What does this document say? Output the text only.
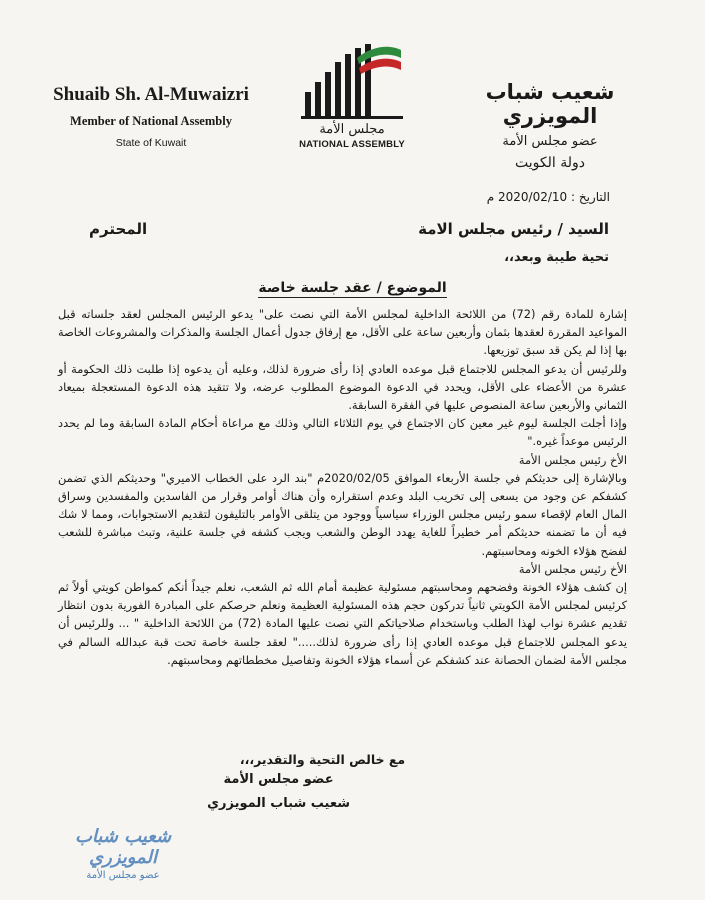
Shuaib Sh. Al-Muwaizri
Member of National Assembly
State of Kuwait
مجلس الأمة
NATIONAL ASSEMBLY
شعيب شباب المويزري
عضو مجلس الأمة
دولة الكويت
التاريخ : 2020/02/10 م
السيد / رئيس مجلس الامة
المحترم
تحية طيبة وبعد،،
الموضوع / عقد جلسة خاصة

إشارة للمادة رقم (72) من اللائحة الداخلية لمجلس الأمة التي نصت على" يدعو الرئيس المجلس لعقد جلساته قبل المواعيد المقررة لعقدها بثمان وأربعين ساعة على الأقل، مع إرفاق جدول أعمال الجلسة والمذكرات والمشروعات الخاصة بها إذا لم يكن قد سبق توزيعها.

وللرئيس أن يدعو المجلس للاجتماع قبل موعده العادي إذا رأى ضرورة لذلك، وعليه أن يدعوه إذا طلبت ذلك الحكومة أو عشرة من الأعضاء على الأقل، ويحدد في الدعوة الموضوع المطلوب عرضه، ولا تتقيد هذه الدعوة المستعجلة بميعاد الثماني والأربعين ساعة المنصوص عليها في الفقرة السابقة.

وإذا أجلت الجلسة ليوم غير معين كان الاجتماع في يوم الثلاثاء التالي وذلك مع مراعاة أحكام المادة السابقة وما لم يحدد الرئيس موعداً غيره."

الأخ رئيس مجلس الأمة

وبالإشارة إلى حديثكم في جلسة الأربعاء الموافق 2020/02/05م "بند الرد على الخطاب الاميري" وحديثكم الذي تضمن كشفكم عن وجود من يسعى إلى تخريب البلد وعدم استقراره وأن هناك أوامر وقرار من الفاسدين والمفسدين وسراق المال العام لإقصاء سمو رئيس مجلس الوزراء سياسياً ووجود من يتلقى الأوامر بالتليفون لتقديم الاستجوابات، ومما لا شك فيه أن ما تضمنه حديثكم أمر خطيراً للغاية يهدد الوطن والشعب ويجب كشفه في جلسة علنية، وتبث مباشرة للشعب لفضح هؤلاء الخونه ومحاسبتهم.

الأخ رئيس مجلس الأمة

إن كشف هؤلاء الخونة وفضحهم ومحاسبتهم مسئولية عظيمة أمام الله ثم الشعب، نعلم جيداً أنكم كمواطن كويتي أولاً ثم كرئيس لمجلس الأمة الكويتي ثانياً تدركون حجم هذه المسئولية العظيمة ونعلم حرصكم على المبادرة الفورية بدون انتظار تقديم عشرة نواب لهذا الطلب وباستخدام صلاحياتكم التي نصت عليها المادة (72) من اللائحة الداخلية " ... وللرئيس أن يدعو المجلس للاجتماع قبل موعده العادي إذا رأى ضرورة لذلك....." لعقد جلسة خاصة تحت قبة عبدالله السالم في مجلس الأمة لضمان الحصانة عند كشفكم عن أسماء هؤلاء الخونة وتفاصيل مخططاتهم ومحاسبتهم.

مع خالص التحية والتقدير،،،
عضو مجلس الأمة
شعيب شباب المويزري
شعيب شباب المويزري
عضو مجلس الأمة
